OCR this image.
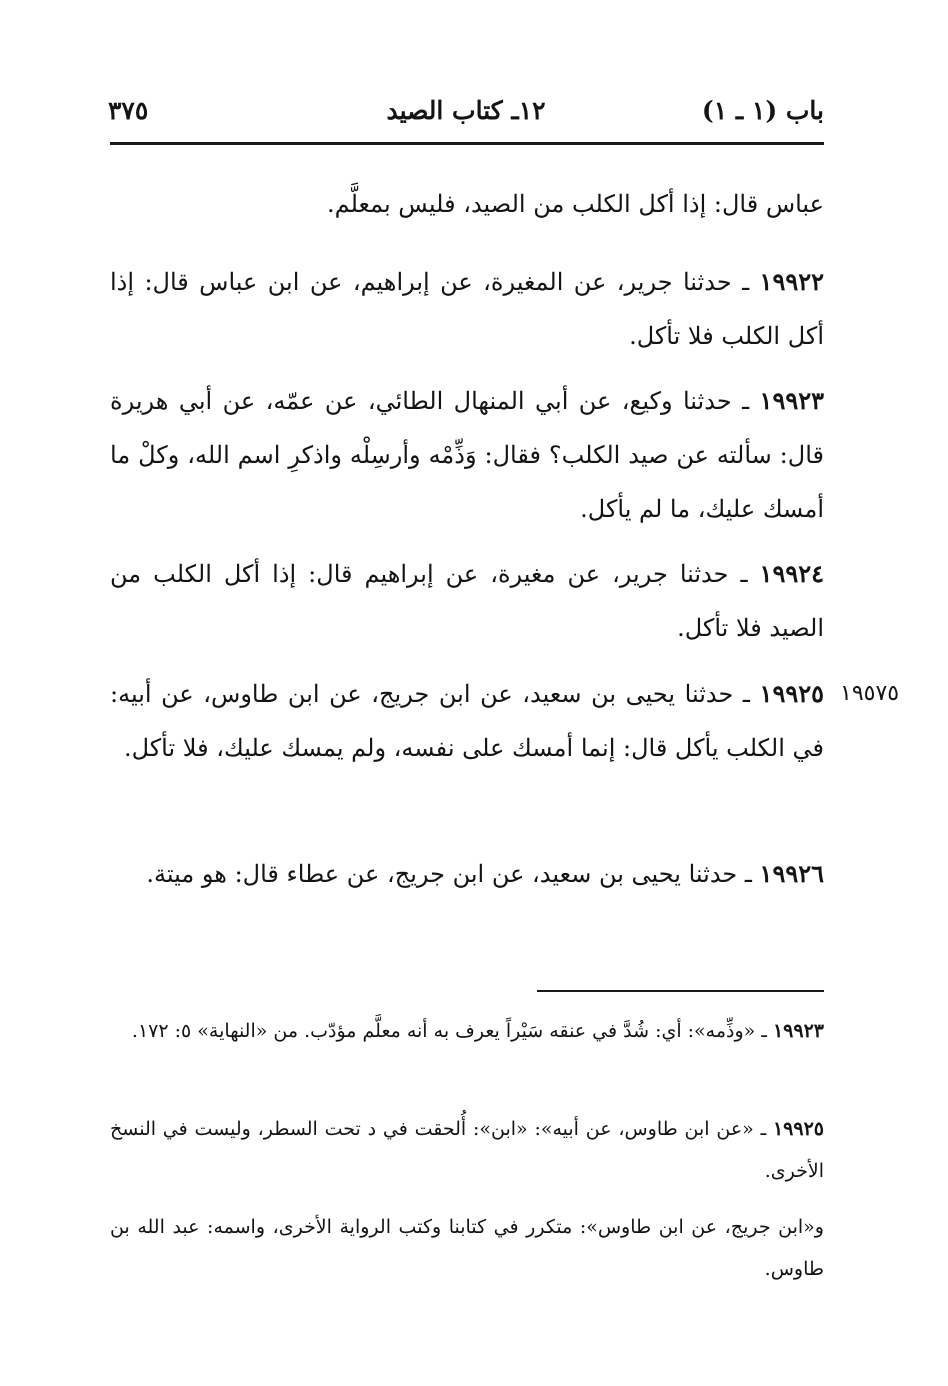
باب (١ ـ ١)
١٢ـ كتاب الصيد
٣٧٥
عباس قال: إذا أكل الكلب من الصيد، فليس بمعلَّم.
١٩٩٢٢ ـ حدثنا جرير، عن المغيرة، عن إبراهيم، عن ابن عباس قال: إذا أكل الكلب فلا تأكل.
١٩٩٢٣ ـ حدثنا وكيع، عن أبي المنهال الطائي، عن عمّه، عن أبي هريرة قال: سألته عن صيد الكلب؟ فقال: وَذِّمْه وأرسِلْه واذكرِ اسم الله، وكلْ ما أمسك عليك، ما لم يأكل.
١٩٩٢٤ ـ حدثنا جرير، عن مغيرة، عن إبراهيم قال: إذا أكل الكلب من الصيد فلا تأكل.
١٩٩٢٥ ـ حدثنا يحيى بن سعيد، عن ابن جريج، عن ابن طاوس، عن أبيه: في الكلب يأكل قال: إنما أمسك على نفسه، ولم يمسك عليك، فلا تأكل.
١٩٩٢٦ ـ حدثنا يحيى بن سعيد، عن ابن جريج، عن عطاء قال: هو ميتة.
١٩٥٧٥
١٩٩٢٣ ـ «وذِّمه»: أي: شُدَّ في عنقه سَيْراً يعرف به أنه معلَّم مؤدّب. من «النهاية» ٥: ١٧٢.
١٩٩٢٥ ـ «عن ابن طاوس، عن أبيه»: «ابن»: أُلحقت في د تحت السطر، وليست في النسخ الأخرى.
و«ابن جريج، عن ابن طاوس»: متكرر في كتابنا وكتب الرواية الأخرى، واسمه: عبد الله بن طاوس.
